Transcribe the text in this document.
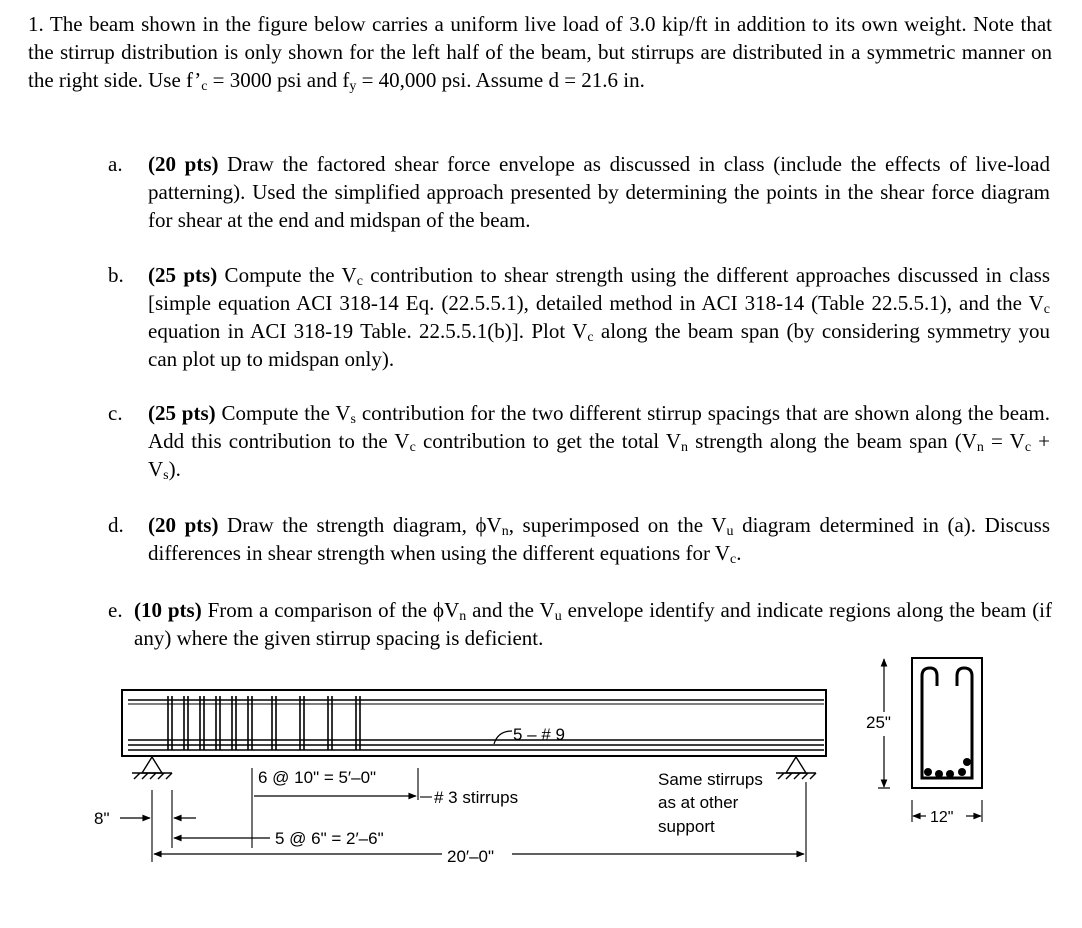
1. The beam shown in the figure below carries a uniform live load of 3.0 kip/ft in addition to its own weight. Note that the stirrup distribution is only shown for the left half of the beam, but stirrups are distributed in a symmetric manner on the right side. Use $f’_c = 3000$ psi and $f_y = 40,000$ psi. Assume d = 21.6 in.
a. (20 pts) Draw the factored shear force envelope as discussed in class (include the effects of live-load patterning). Used the simplified approach presented by determining the points in the shear force diagram for shear at the end and midspan of the beam.
b. (25 pts) Compute the $V_c$ contribution to shear strength using the different approaches discussed in class [simple equation ACI 318-14 Eq. (22.5.5.1), detailed method in ACI 318-14 (Table 22.5.5.1), and the $V_c$ equation in ACI 318-19 Table. 22.5.5.1(b)]. Plot $V_c$ along the beam span (by considering symmetry you can plot up to midspan only).
c. (25 pts) Compute the $V_s$ contribution for the two different stirrup spacings that are shown along the beam. Add this contribution to the $V_c$ contribution to get the total $V_n$ strength along the beam span $(V_n = V_c + V_s)$.
d. (20 pts) Draw the strength diagram, $\phi V_n$, superimposed on the $V_u$ diagram determined in (a). Discuss differences in shear strength when using the different equations for $V_c$.
e. (10 pts) From a comparison of the $\phi V_n$ and the $V_u$ envelope identify and indicate regions along the beam (if any) where the given stirrup spacing is deficient.
5 – # 9
8"
6 @ 10" = 5′–0"
# 3 stirrups
5 @ 6" = 2′–6"
20′–0"
Same stirrups
as at other
support
25"
12"
